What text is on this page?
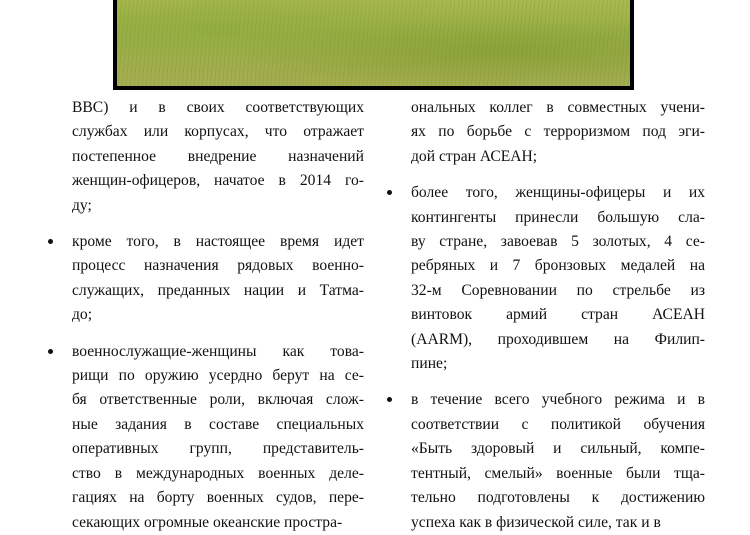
ВВС) и в своих соответствующих
службах или корпусах, что отражает
постепенное внедрение назначений
женщин-офицеров, начатое в 2014 го-
ду;
кроме того, в настоящее время идет
процесс назначения рядовых военно-
служащих, преданных нации и Татма-
до;
военнослужащие-женщины как това-
рищи по оружию усердно берут на се-
бя ответственные роли, включая слож-
ные задания в составе специальных
оперативных групп, представитель-
ство в международных военных деле-
гациях на борту военных судов, пере-
секающих огромные океанские простра-
ональных коллег в совместных учени-
ях по борьбе с терроризмом под эги-
дой стран АСЕАН;
более того, женщины-офицеры и их
контингенты принесли большую сла-
ву стране, завоевав 5 золотых, 4 се-
ребряных и 7 бронзовых медалей на
32-м Соревновании по стрельбе из
винтовок армий стран АСЕАН
(AARM), проходившем на Филип-
пине;
в течение всего учебного режима и в
соответствии с политикой обучения
«Быть здоровый и сильный, компе-
тентный, смелый» военные были тща-
тельно подготовлены к достижению
успеха как в физической силе, так и в
